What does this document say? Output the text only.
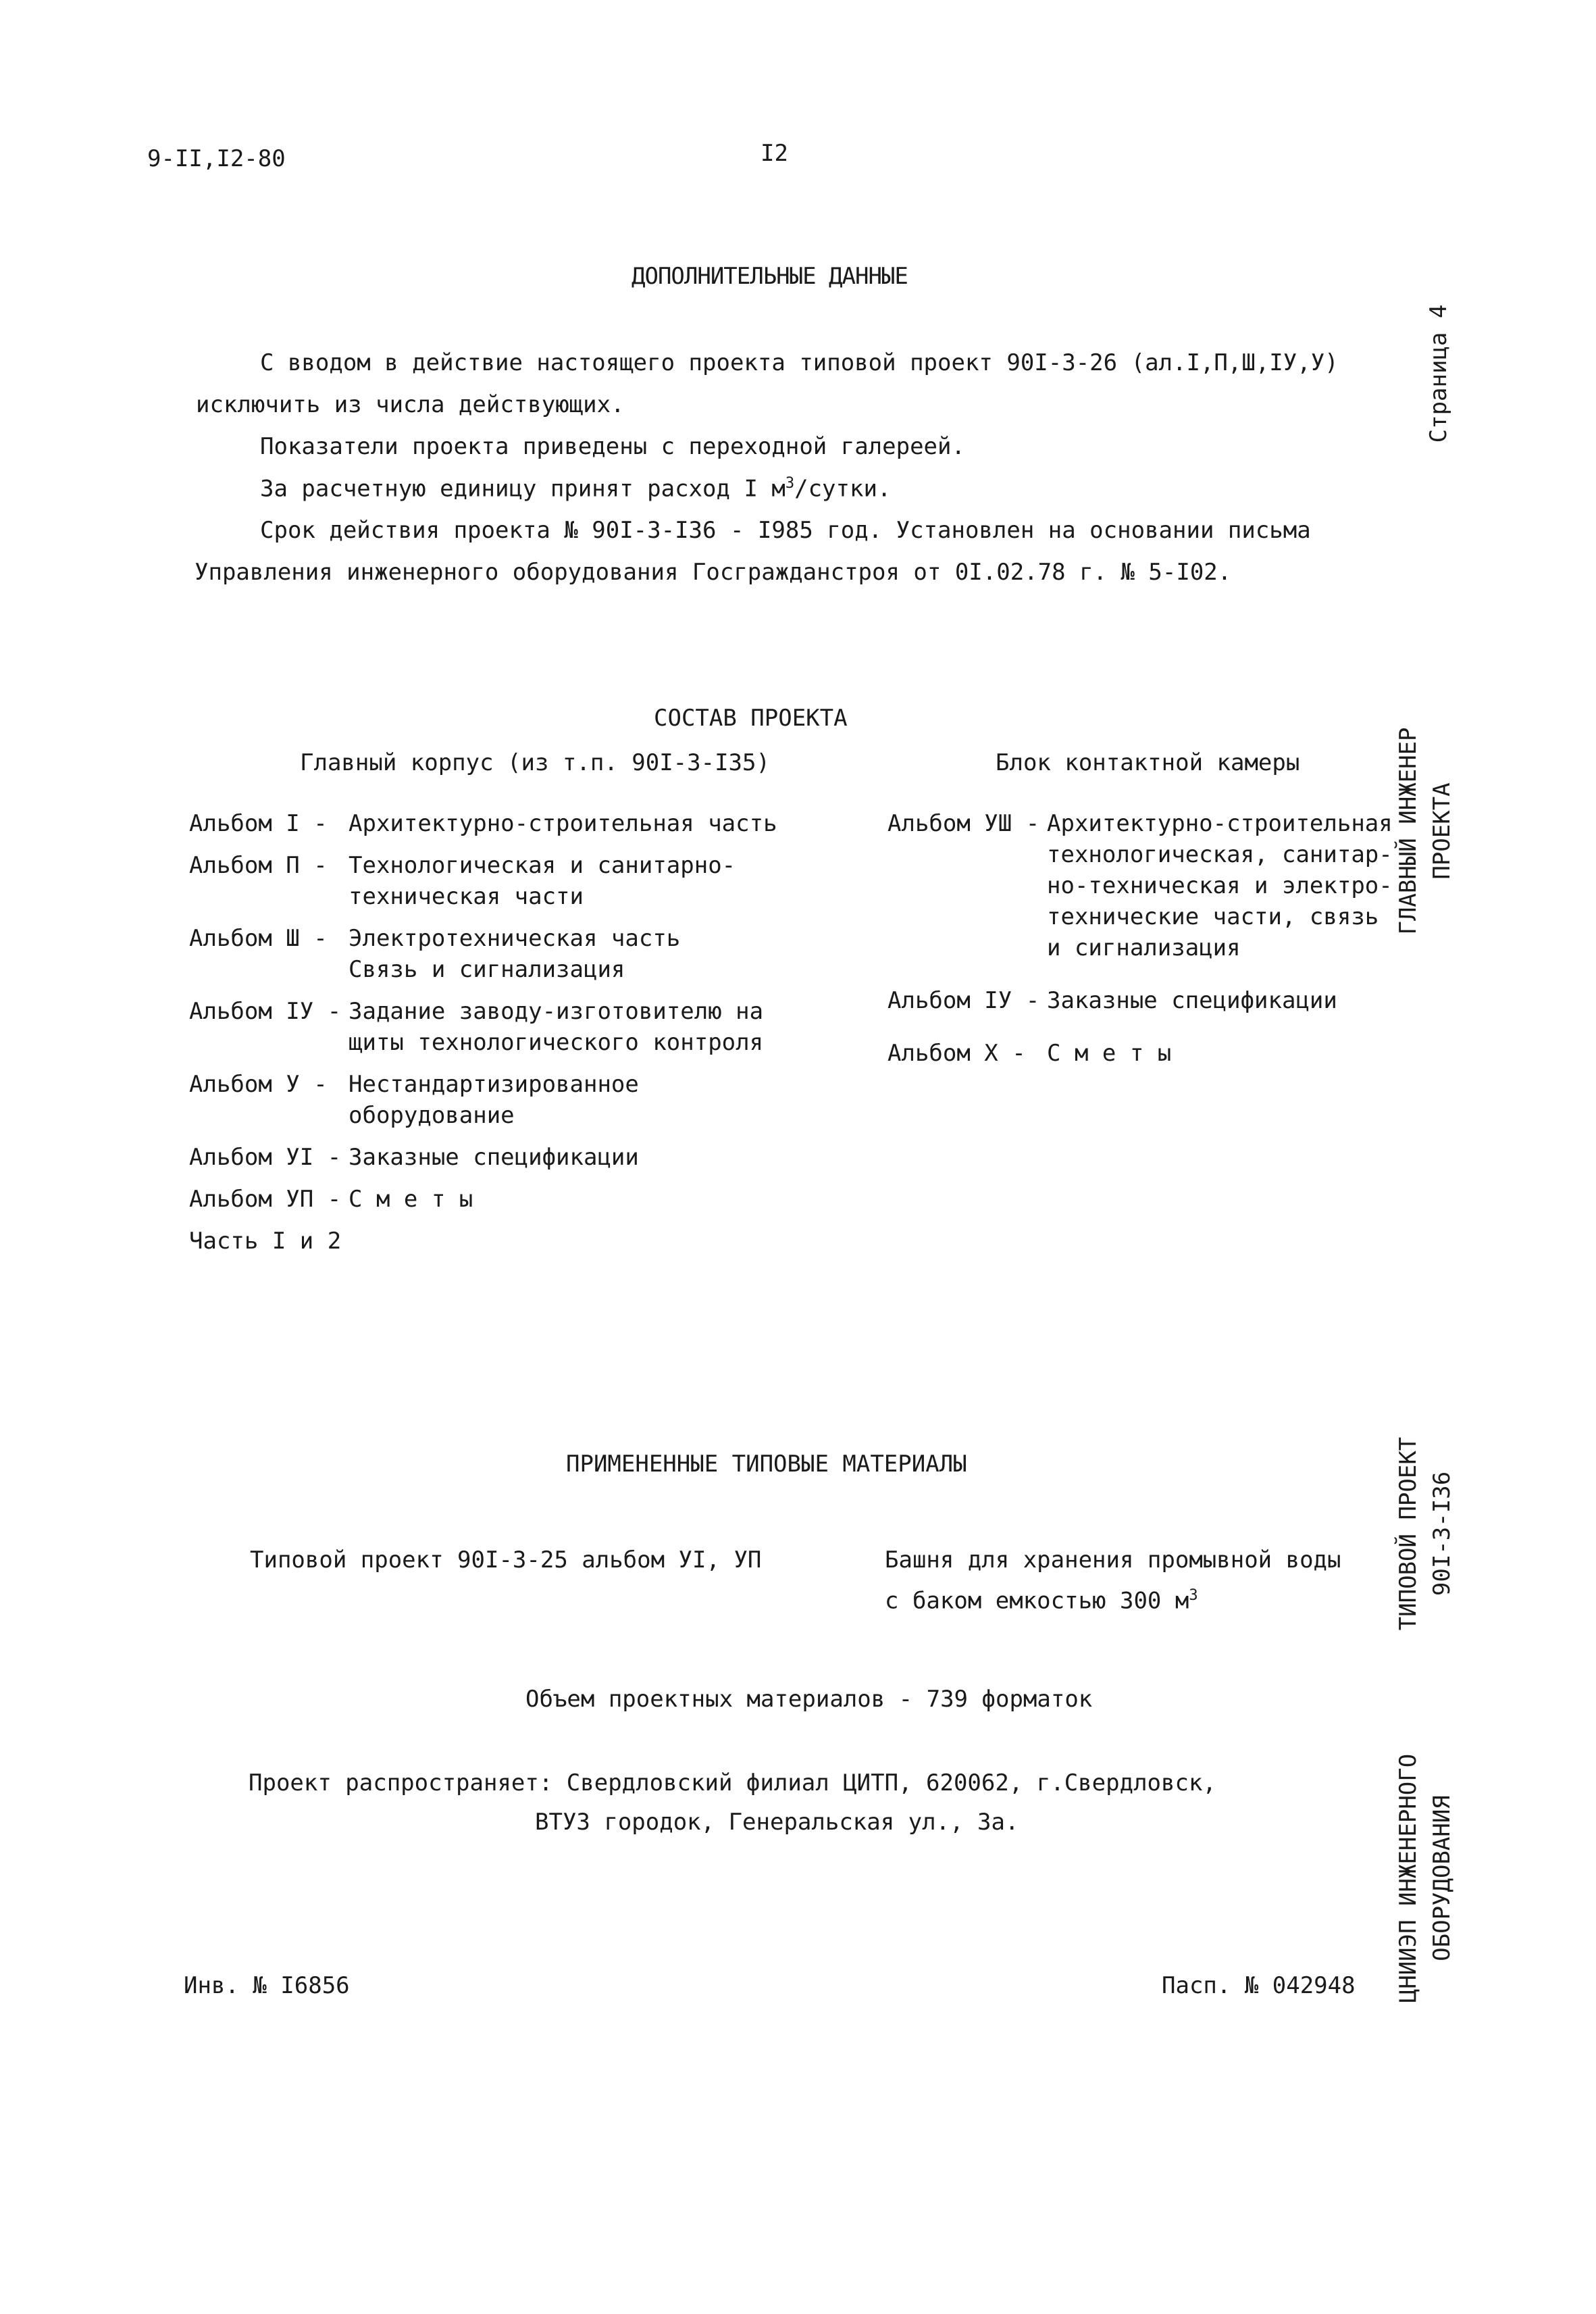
9-II,I2-80	I2
ДОПОЛНИТЕЛЬНЫЕ ДАННЫЕ
С вводом в действие настоящего проекта типовой проект 90I-3-26 (ал.I,П,Ш,IУ,У)
исключить из числа действующих.
Показатели проекта приведены с переходной галереей.
За расчетную единицу принят расход I $м^3$/сутки.
Срок действия проекта № 90I-3-I36 - I985 год. Установлен на основании письма
Управления инженерного оборудования Госгражданстроя от 0I.02.78 г. № 5-I02.
СОСТАВ ПРОЕКТА
Главный корпус (из т.п. 90I-3-I35)	Блок контактной камеры
Альбом I - Архитектурно-строительная часть
Альбом П - Технологическая и санитарно-
техническая части
Альбом Ш - Электротехническая часть
Связь и сигнализация
Альбом IУ - Задание заводу-изготовителю на
щиты технологического контроля
Альбом У - Нестандартизированное
оборудование
Альбом УI - Заказные спецификации
Альбом УП - С м е т ы
Часть I и 2
Альбом УШ - Архитектурно-строительная
технологическая, санитар-
но-техническая и электро-
технические части, связь
и сигнализация
Альбом IУ - Заказные спецификации
Альбом Х - С м е т ы
ПРИМЕНЕННЫЕ ТИПОВЫЕ МАТЕРИАЛЫ
Типовой проект 90I-3-25 альбом УI, УП	Башня для хранения промывной воды
с баком емкостью 300 $м^3$
Объем проектных материалов - 739 форматок
Проект распространяет: Свердловский филиал ЦИТП, 620062, г.Свердловск,
ВТУЗ городок, Генеральская ул., 3а.
Инв. № I6856	Пасп. № 042948
Страница 4
ГЛАВНЫЙ ИНЖЕНЕР ПРОЕКТА
ТИПОВОЙ ПРОЕКТ 90I-3-I36
ЦНИИЭП ИНЖЕНЕРНОГО ОБОРУДОВАНИЯ
